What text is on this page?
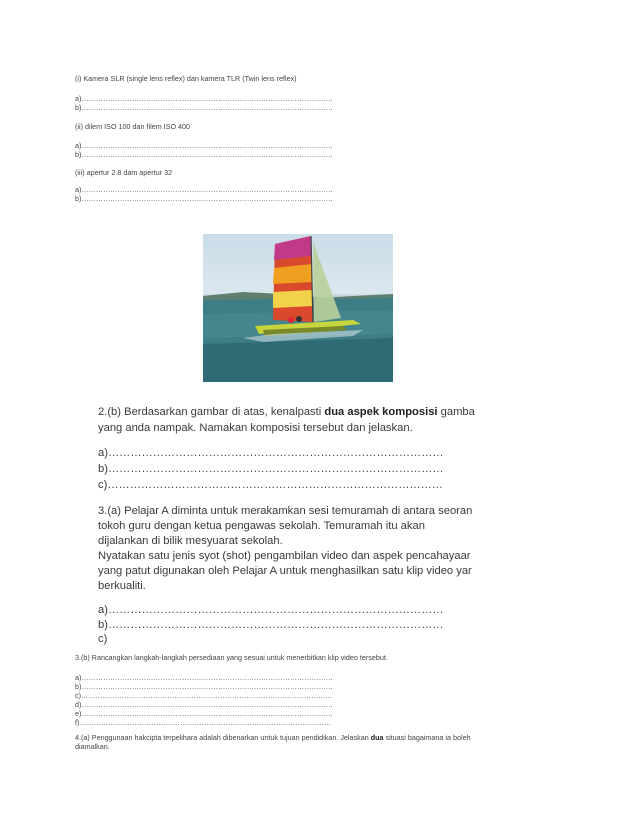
(i) Kamera SLR (single lens reflex) dan kamera TLR (Twin lens reflex)
a)……………………………………………………………………………………………
b)……………………………………………………………………………………………
(ii) dilem ISO 100 dan filem ISO 400
a)……………………………………………………………………………………………
b)……………………………………………………………………………………………
(iii) apertur 2.8 dam apertur 32
a)……………………………………………………………………………………………
b)……………………………………………………………………………………………
2.(b) Berdasarkan gambar di atas, kenalpasti dua aspek komposisi gamba
yang anda nampak. Namakan komposisi tersebut dan jelaskan.
a)………………………………………………………………………………
b)………………………………………………………………………………
c)………………………………………………………………………………
3.(a) Pelajar A diminta untuk merakamkan sesi temuramah di antara seoran
tokoh guru dengan ketua pengawas sekolah. Temuramah itu akan
dijalankan di bilik mesyuarat sekolah.
Nyatakan satu jenis syot (shot) pengambilan video dan aspek pencahayaar
yang patut digunakan oleh Pelajar A untuk menghasilkan satu klip video yar
berkualiti.
a)………………………………………………………………………………
b)………………………………………………………………………………
c)
3.(b) Rancangkan langkah-langkah persediaan yang sesuai untuk menerbitkan klip video tersebut.
a)……………………………………………………………………………………………
b)……………………………………………………………………………………………
c)……………………………………………………………………………………………
d)……………………………………………………………………………………………
e)……………………………………………………………………………………………
f)……………………………………………………………………………………………
4.(a) Penggunaan hakcipta terpelihara adalah dibenarkan untuk tujuan pendidikan. Jelaskan dua situasi bagaimana ia boleh
diamalkan.
